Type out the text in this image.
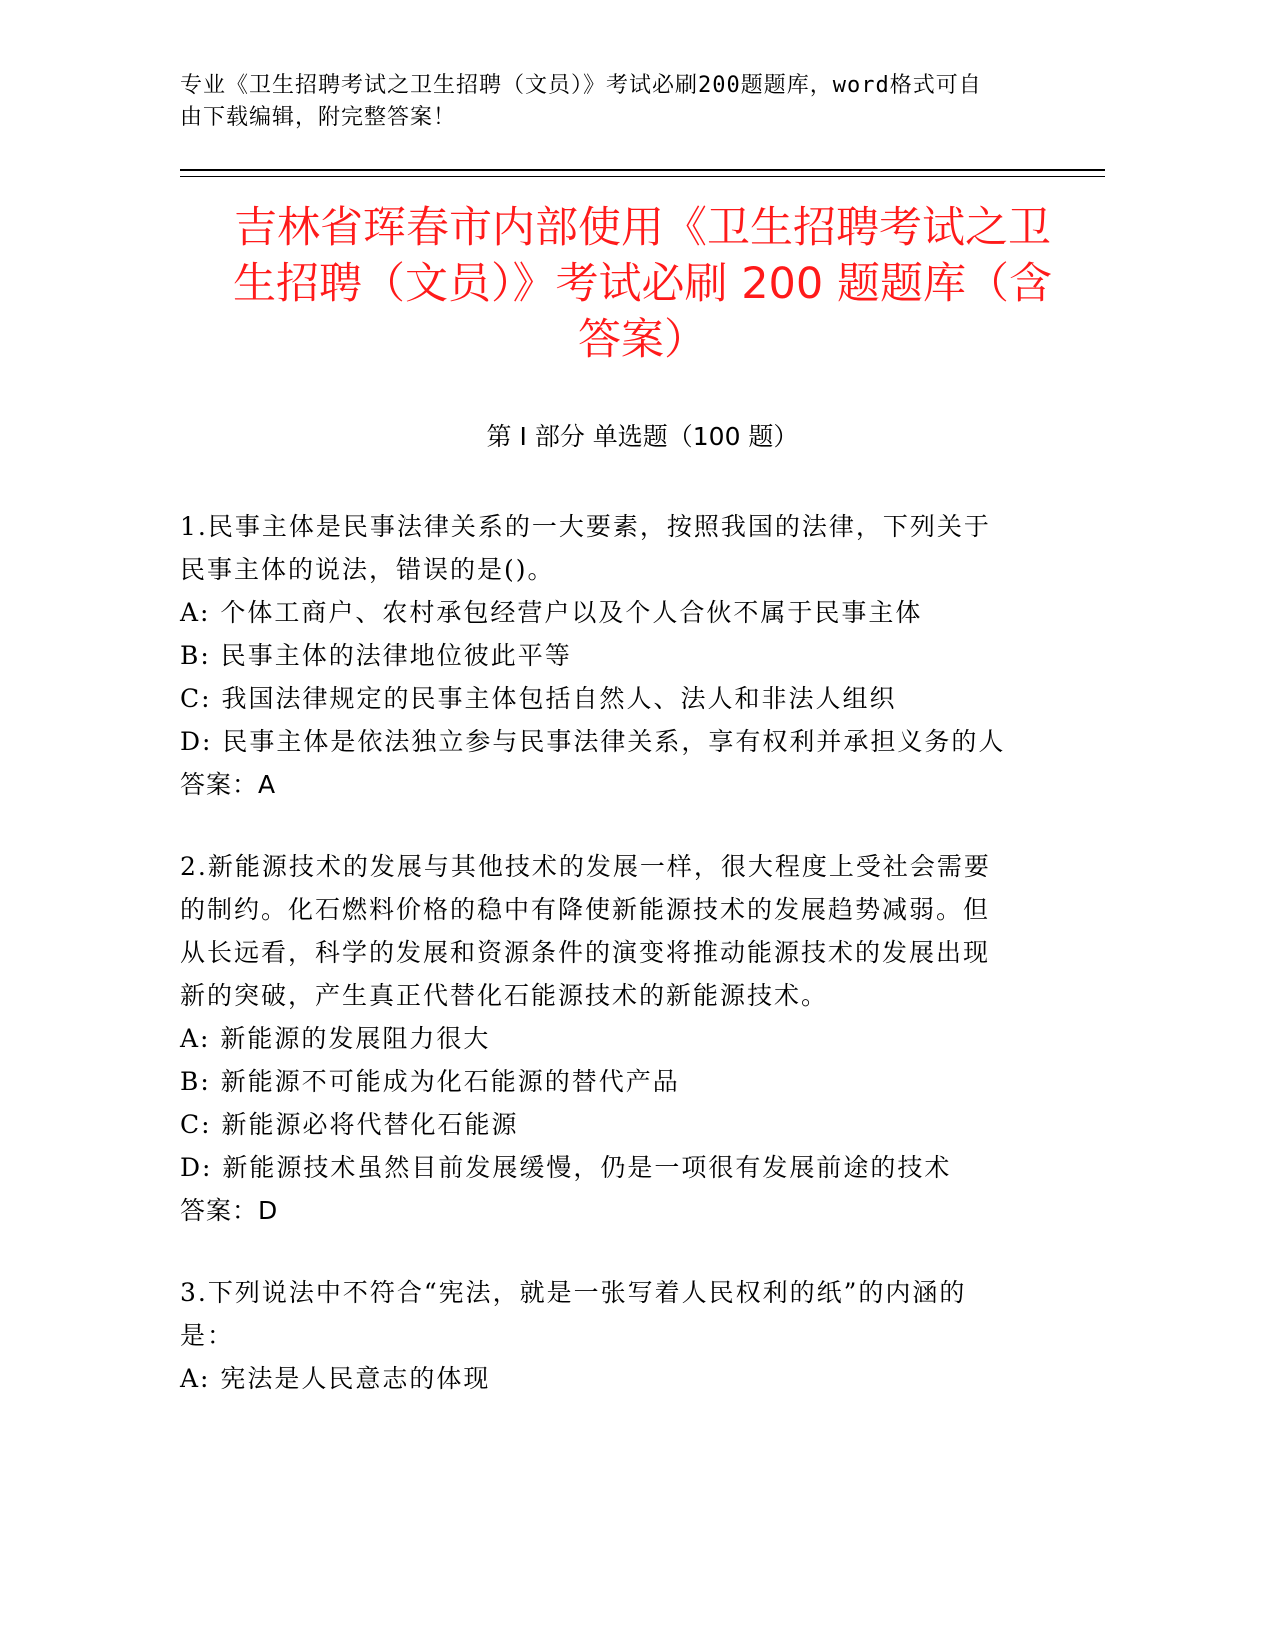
专业《卫生招聘考试之卫生招聘（文员）》考试必刷200题题库，word格式可自
由下载编辑，附完整答案！
吉林省珲春市内部使用《卫生招聘考试之卫
生招聘（文员）》考试必刷 200 题题库（含
答案）
第 I 部分 单选题（100 题）
1.民事主体是民事法律关系的一大要素，按照我国的法律，下列关于
民事主体的说法，错误的是()。
A: 个体工商户、农村承包经营户以及个人合伙不属于民事主体
B: 民事主体的法律地位彼此平等
C: 我国法律规定的民事主体包括自然人、法人和非法人组织
D: 民事主体是依法独立参与民事法律关系，享有权利并承担义务的人
答案：A
2.新能源技术的发展与其他技术的发展一样，很大程度上受社会需要
的制约。化石燃料价格的稳中有降使新能源技术的发展趋势减弱。但
从长远看，科学的发展和资源条件的演变将推动能源技术的发展出现
新的突破，产生真正代替化石能源技术的新能源技术。
A: 新能源的发展阻力很大
B: 新能源不可能成为化石能源的替代产品
C: 新能源必将代替化石能源
D: 新能源技术虽然目前发展缓慢，仍是一项很有发展前途的技术
答案：D
3.下列说法中不符合“宪法，就是一张写着人民权利的纸”的内涵的
是：
A: 宪法是人民意志的体现
